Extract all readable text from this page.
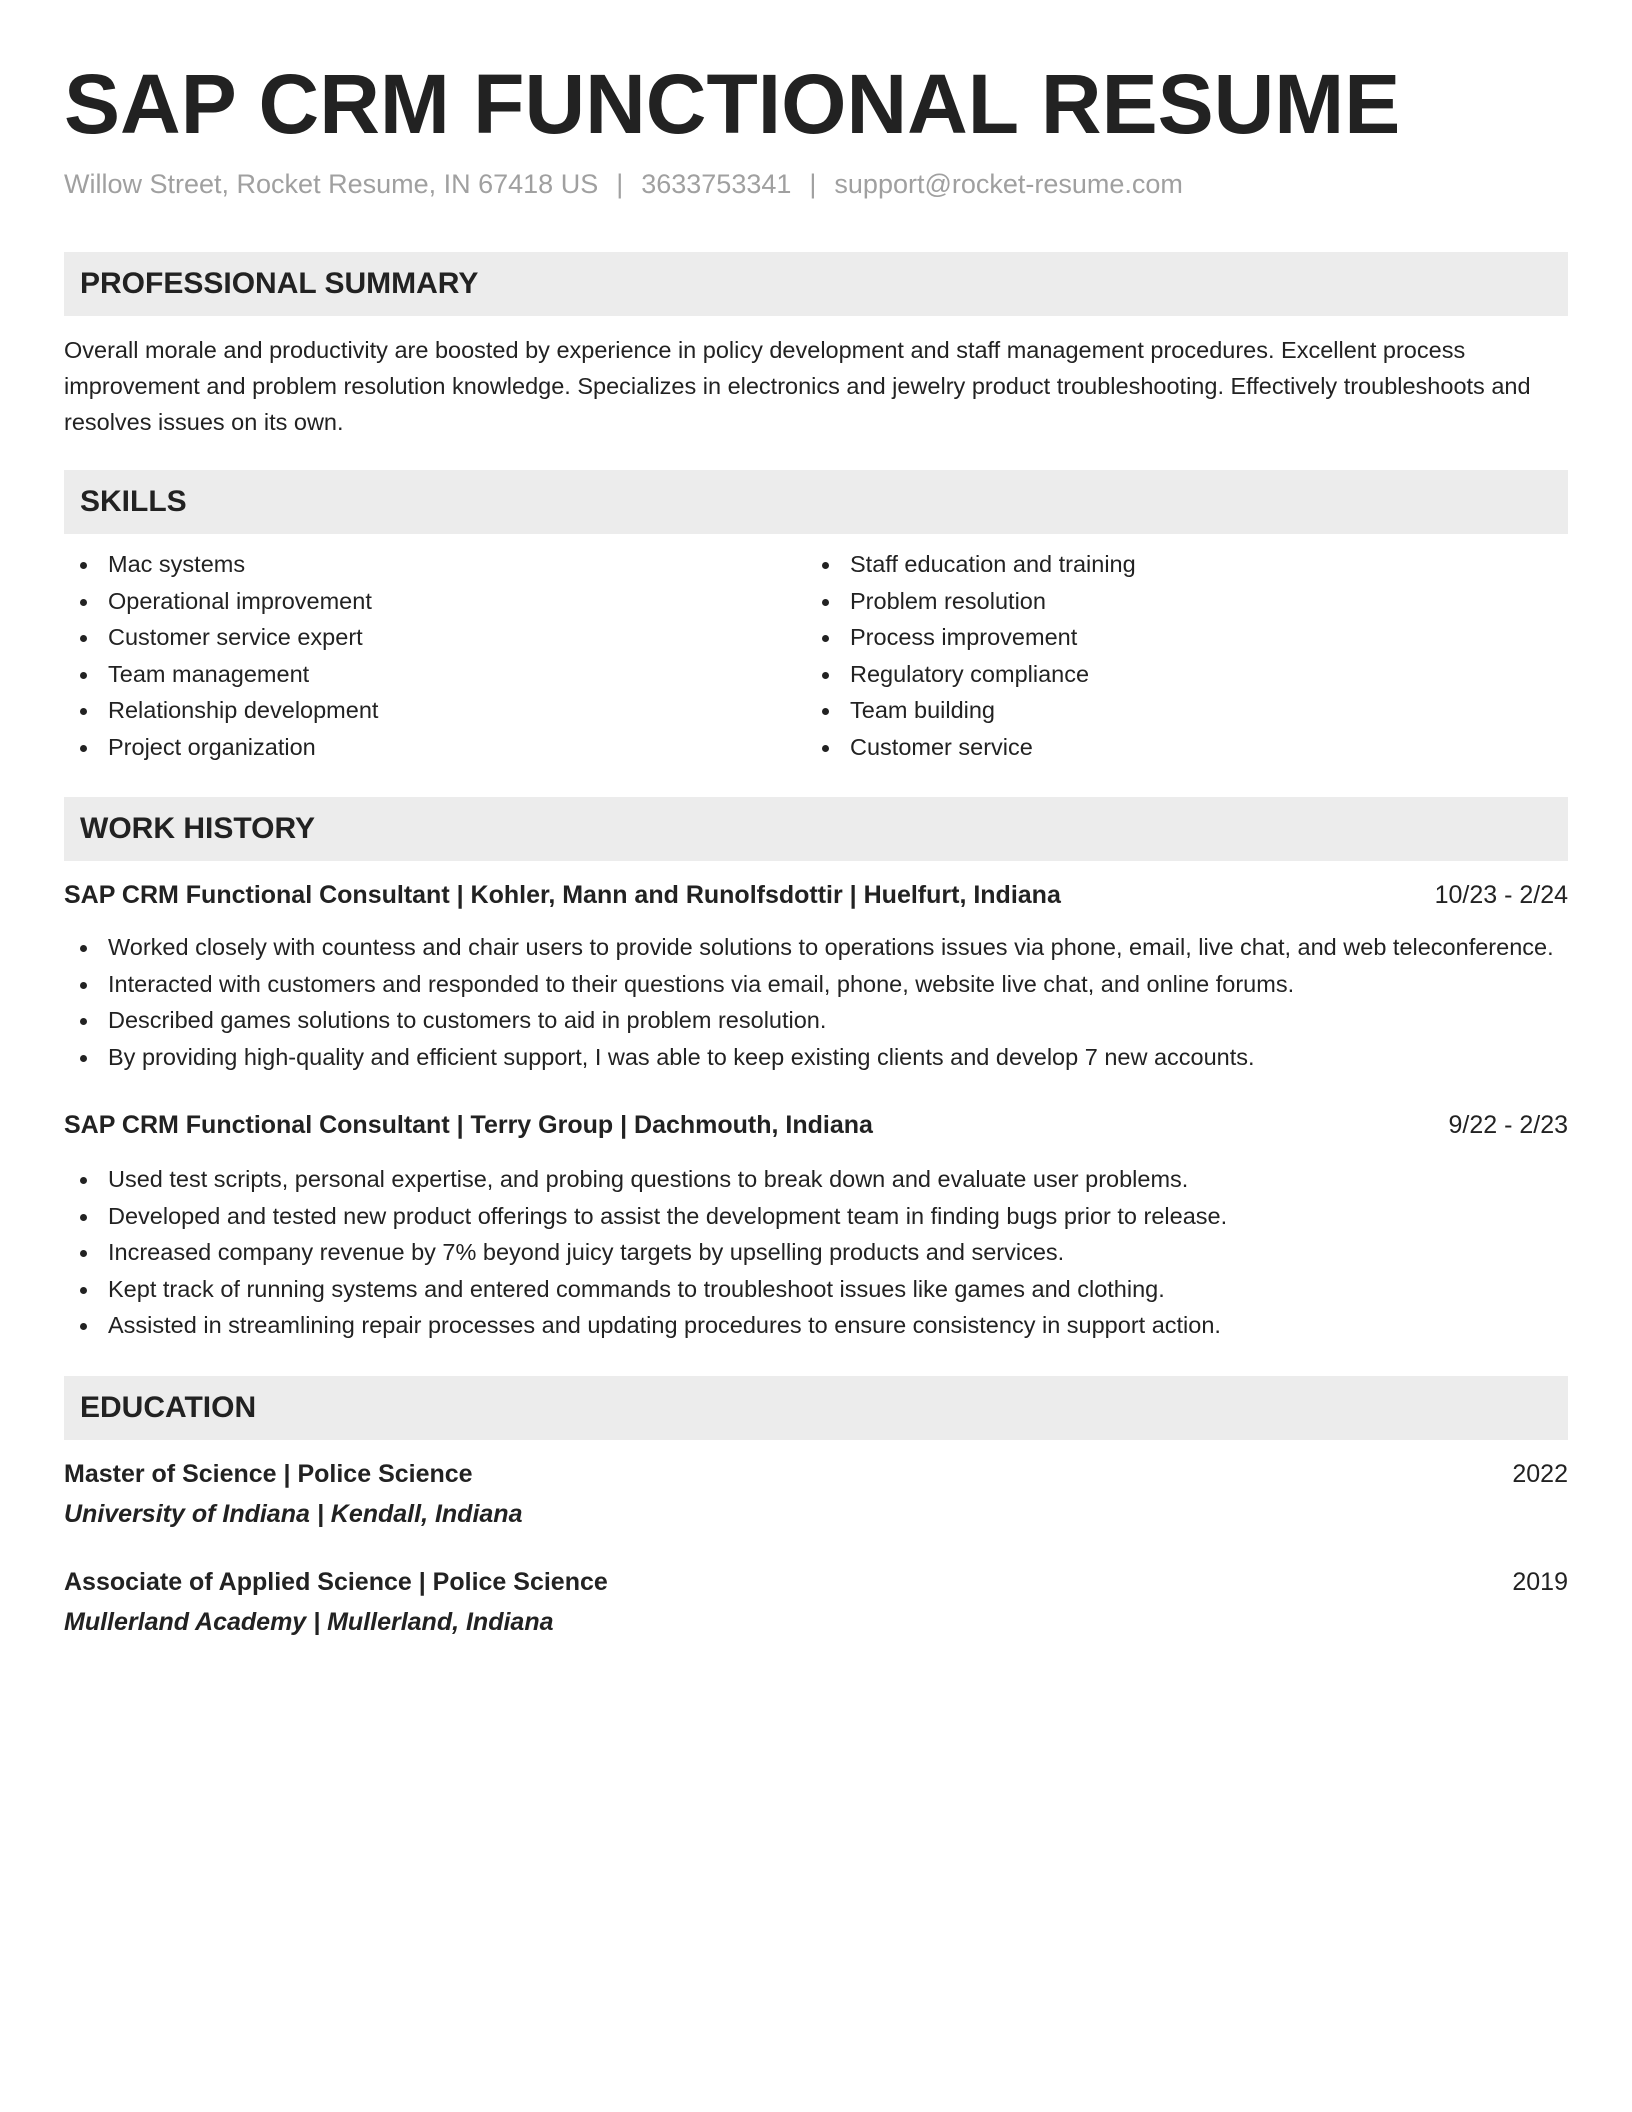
SAP CRM FUNCTIONAL RESUME
Willow Street, Rocket Resume, IN 67418 US | 3633753341 | support@rocket-resume.com
PROFESSIONAL SUMMARY

Overall morale and productivity are boosted by experience in policy development and staff management procedures. Excellent process improvement and problem resolution knowledge. Specializes in electronics and jewelry product troubleshooting. Effectively troubleshoots and resolves issues on its own.

SKILLS
Mac systems
Operational improvement
Customer service expert
Team management
Relationship development
Project organization
Staff education and training
Problem resolution
Process improvement
Regulatory compliance
Team building
Customer service
WORK HISTORY
SAP CRM Functional Consultant | Kohler, Mann and Runolfsdottir | Huelfurt, Indiana	10/23 - 2/24
Worked closely with countess and chair users to provide solutions to operations issues via phone, email, live chat, and web teleconference.
Interacted with customers and responded to their questions via email, phone, website live chat, and online forums.
Described games solutions to customers to aid in problem resolution.
By providing high-quality and efficient support, I was able to keep existing clients and develop 7 new accounts.
SAP CRM Functional Consultant | Terry Group | Dachmouth, Indiana	9/22 - 2/23
Used test scripts, personal expertise, and probing questions to break down and evaluate user problems.
Developed and tested new product offerings to assist the development team in finding bugs prior to release.
Increased company revenue by 7% beyond juicy targets by upselling products and services.
Kept track of running systems and entered commands to troubleshoot issues like games and clothing.
Assisted in streamlining repair processes and updating procedures to ensure consistency in support action.
EDUCATION
Master of Science | Police Science	2022
University of Indiana | Kendall, Indiana
Associate of Applied Science | Police Science	2019
Mullerland Academy | Mullerland, Indiana
